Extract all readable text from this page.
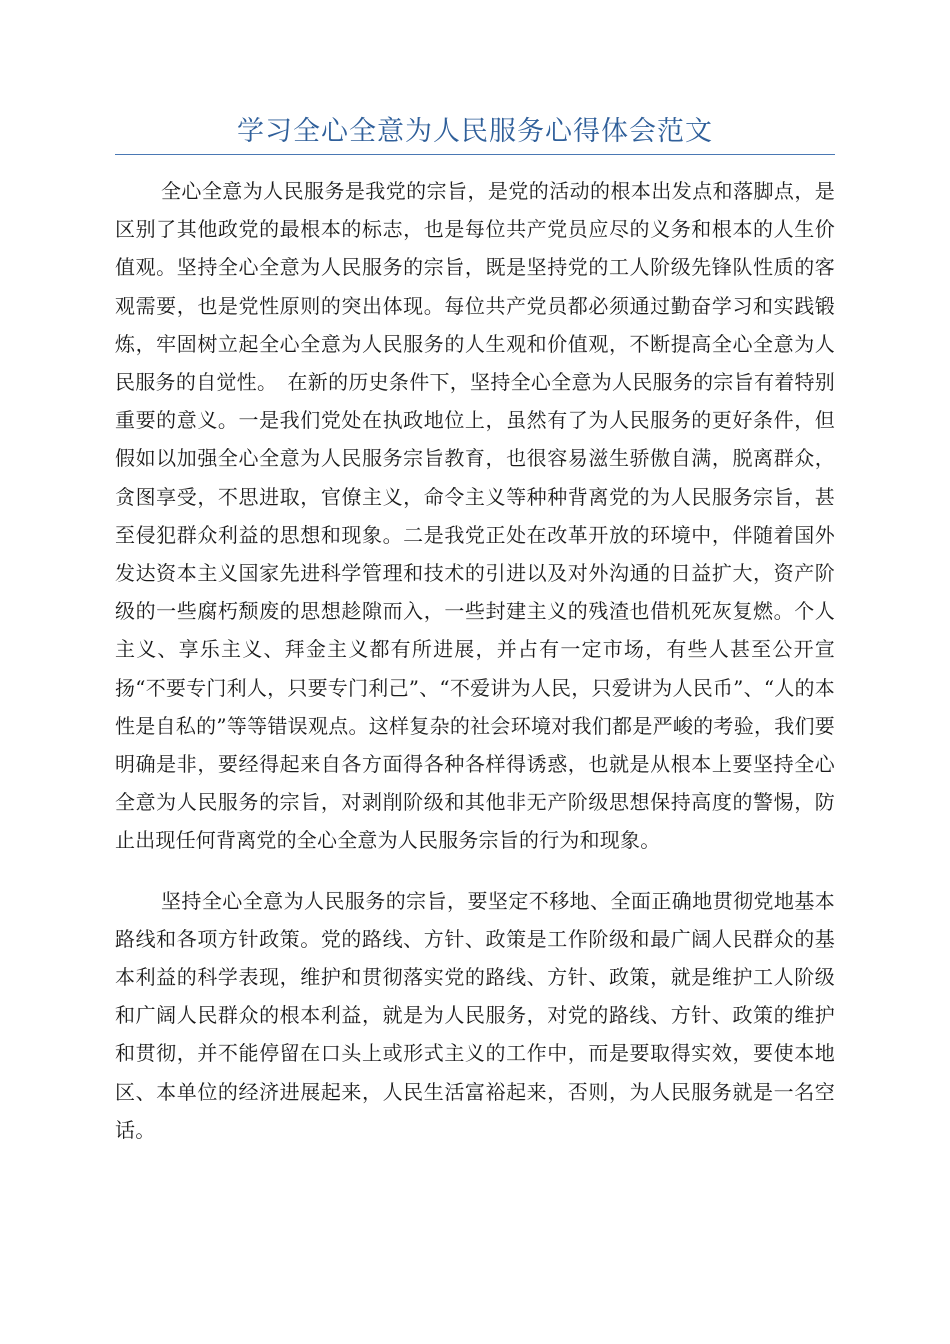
学习全心全意为人民服务心得体会范文

全心全意为人民服务是我党的宗旨，是党的活动的根本出发点和落脚点，是区别了其他政党的最根本的标志，也是每位共产党员应尽的义务和根本的人生价值观。坚持全心全意为人民服务的宗旨，既是坚持党的工人阶级先锋队性质的客观需要，也是党性原则的突出体现。每位共产党员都必须通过勤奋学习和实践锻炼，牢固树立起全心全意为人民服务的人生观和价值观，不断提高全心全意为人民服务的自觉性。　在新的历史条件下，坚持全心全意为人民服务的宗旨有着特别重要的意义。一是我们党处在执政地位上，虽然有了为人民服务的更好条件，但假如以加强全心全意为人民服务宗旨教育，也很容易滋生骄傲自满，脱离群众，贪图享受，不思进取，官僚主义，命令主义等种种背离党的为人民服务宗旨，甚至侵犯群众利益的思想和现象。二是我党正处在改革开放的环境中，伴随着国外发达资本主义国家先进科学管理和技术的引进以及对外沟通的日益扩大，资产阶级的一些腐朽颓废的思想趁隙而入，一些封建主义的残渣也借机死灰复燃。个人主义、享乐主义、拜金主义都有所进展，并占有一定市场，有些人甚至公开宣扬“不要专门利人，只要专门利己”、“不爱讲为人民，只爱讲为人民币”、“人的本性是自私的”等等错误观点。这样复杂的社会环境对我们都是严峻的考验，我们要明确是非，要经得起来自各方面得各种各样得诱惑，也就是从根本上要坚持全心全意为人民服务的宗旨，对剥削阶级和其他非无产阶级思想保持高度的警惕，防止出现任何背离党的全心全意为人民服务宗旨的行为和现象。

坚持全心全意为人民服务的宗旨，要坚定不移地、全面正确地贯彻党地基本路线和各项方针政策。党的路线、方针、政策是工作阶级和最广阔人民群众的基本利益的科学表现，维护和贯彻落实党的路线、方针、政策，就是维护工人阶级和广阔人民群众的根本利益，就是为人民服务，对党的路线、方针、政策的维护和贯彻，并不能停留在口头上或形式主义的工作中，而是要取得实效，要使本地区、本单位的经济进展起来，人民生活富裕起来，否则，为人民服务就是一名空话。
